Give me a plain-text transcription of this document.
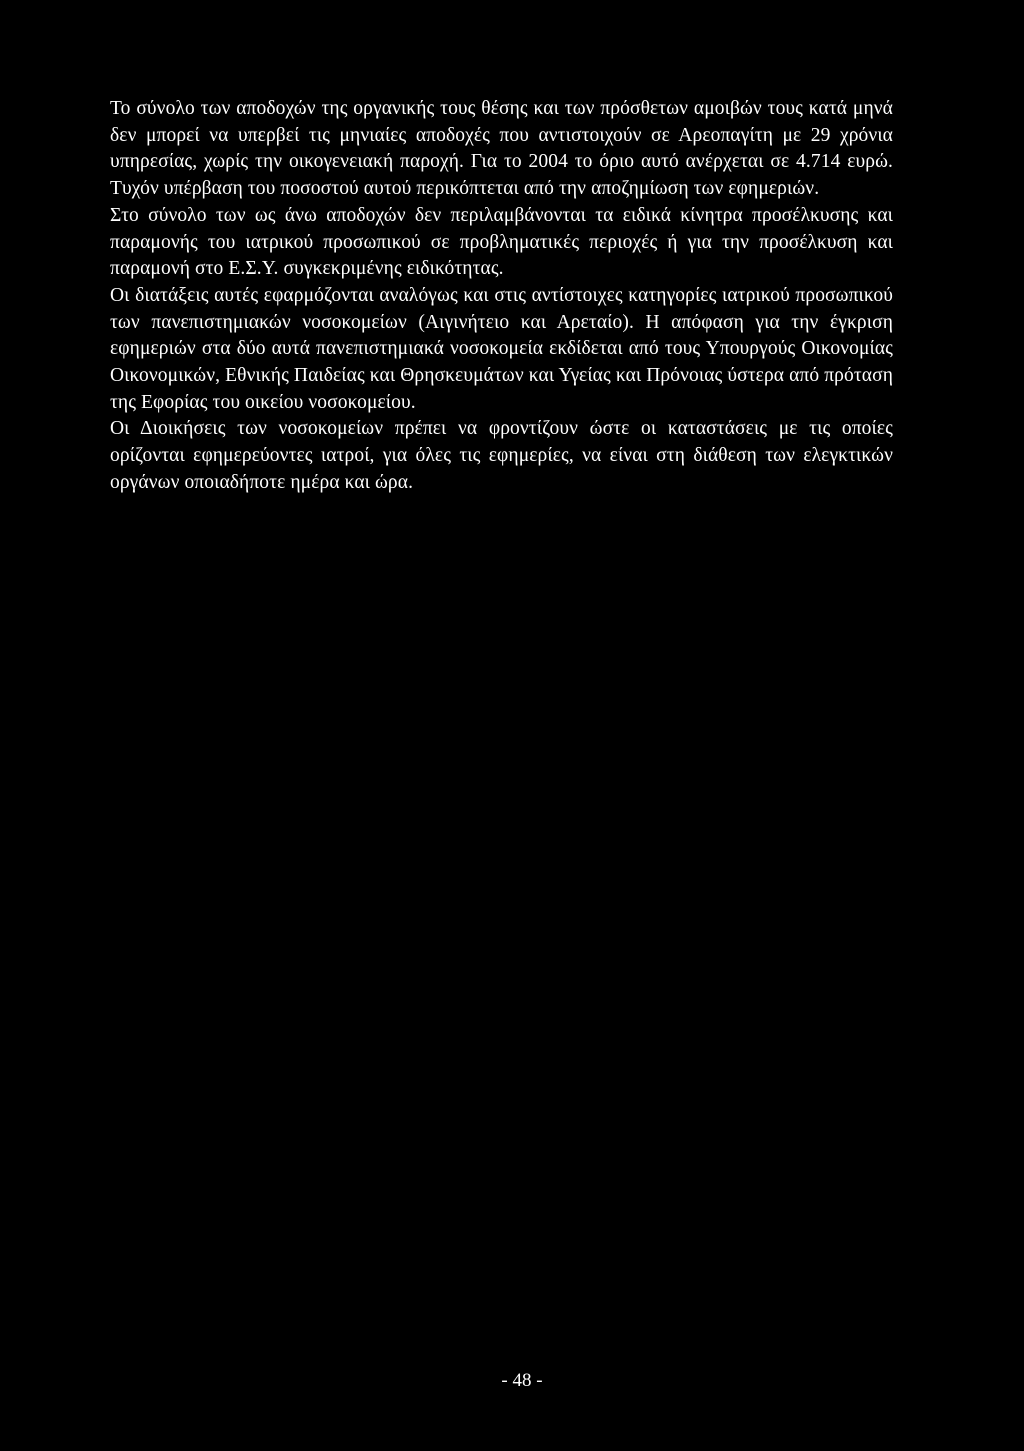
Το σύνολο των αποδοχών της οργανικής τους θέσης και των πρόσθετων αμοιβών τους κατά μηνά δεν μπορεί να υπερβεί τις μηνιαίες αποδοχές που αντιστοιχούν σε Αρεοπαγίτη με 29 χρόνια υπηρεσίας, χωρίς την οικογενειακή παροχή. Για το 2004 το όριο αυτό ανέρχεται σε 4.714 ευρώ. Τυχόν υπέρβαση του ποσοστού αυτού περικόπτεται από την αποζημίωση των εφημεριών.

Στο σύνολο των ως άνω αποδοχών δεν περιλαμβάνονται τα ειδικά κίνητρα προσέλκυσης και παραμονής του ιατρικού προσωπικού σε προβληματικές περιοχές ή για την προσέλκυση και παραμονή στο Ε.Σ.Υ. συγκεκριμένης ειδικότητας.

Οι διατάξεις αυτές εφαρμόζονται αναλόγως και στις αντίστοιχες κατηγορίες ιατρικού προσωπικού των πανεπιστημιακών νοσοκομείων (Αιγινήτειο και Αρεταίο). Η απόφαση για την έγκριση εφημεριών στα δύο αυτά πανεπιστημιακά νοσοκομεία εκδίδεται από τους Υπουργούς Οικονομίας Οικονομικών, Εθνικής Παιδείας και Θρησκευμάτων και Υγείας και Πρόνοιας ύστερα από πρόταση της Εφορίας του οικείου νοσοκομείου.

Οι Διοικήσεις των νοσοκομείων πρέπει να φροντίζουν ώστε οι καταστάσεις με τις οποίες ορίζονται εφημερεύοντες ιατροί, για όλες τις εφημερίες, να είναι στη διάθεση των ελεγκτικών οργάνων οποιαδήποτε ημέρα και ώρα.

- 48 -
